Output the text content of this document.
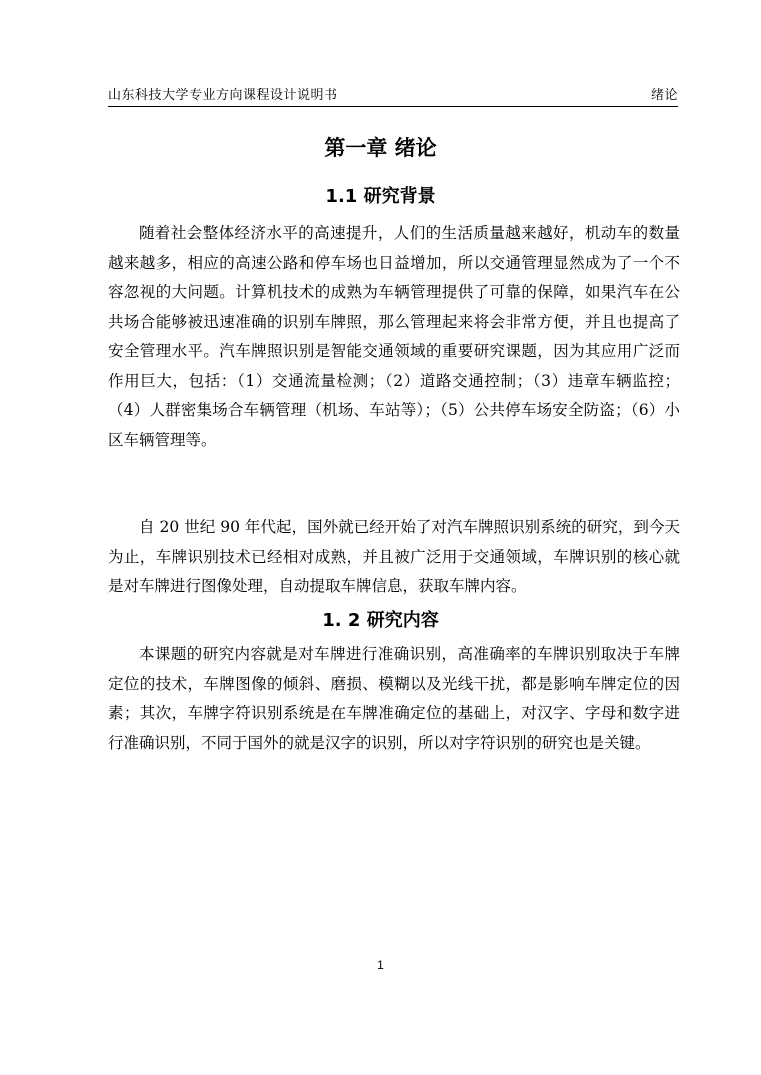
山东科技大学专业方向课程设计说明书	绪论
第一章 绪论
1.1 研究背景

随着社会整体经济水平的高速提升，人们的生活质量越来越好，机动车的数量越来越多，相应的高速公路和停车场也日益增加，所以交通管理显然成为了一个不容忽视的大问题。计算机技术的成熟为车辆管理提供了可靠的保障，如果汽车在公共场合能够被迅速准确的识别车牌照，那么管理起来将会非常方便，并且也提高了安全管理水平。汽车牌照识别是智能交通领域的重要研究课题，因为其应用广泛而作用巨大，包括：（1）交通流量检测；（2）道路交通控制；（3）违章车辆监控；（4）人群密集场合车辆管理（机场、车站等）；（5）公共停车场安全防盗；（6）小区车辆管理等。

自 20 世纪 90 年代起，国外就已经开始了对汽车牌照识别系统的研究，到今天为止，车牌识别技术已经相对成熟，并且被广泛用于交通领域，车牌识别的核心就是对车牌进行图像处理，自动提取车牌信息，获取车牌内容。

1. 2 研究内容

本课题的研究内容就是对车牌进行准确识别，高准确率的车牌识别取决于车牌定位的技术，车牌图像的倾斜、磨损、模糊以及光线干扰，都是影响车牌定位的因素；其次，车牌字符识别系统是在车牌准确定位的基础上，对汉字、字母和数字进行准确识别，不同于国外的就是汉字的识别，所以对字符识别的研究也是关键。

1
